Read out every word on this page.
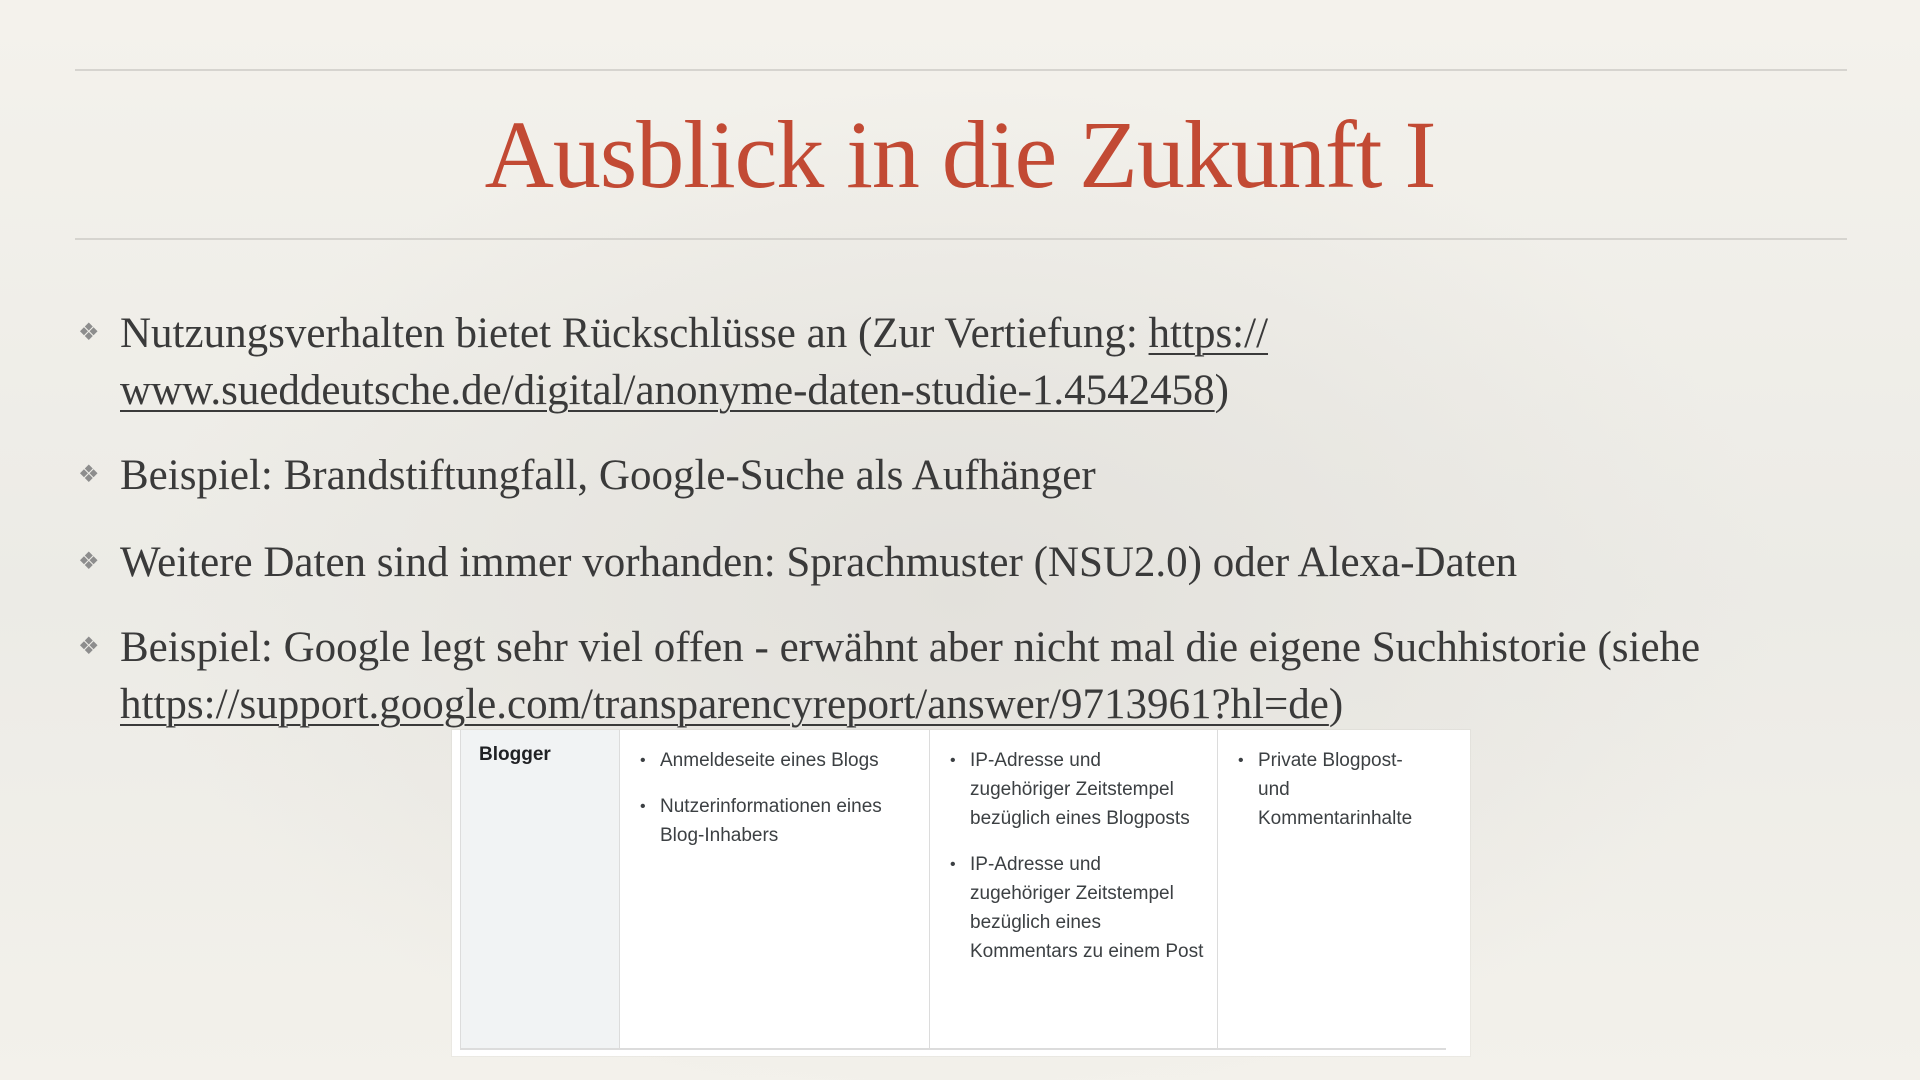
Ausblick in die Zukunft I
❖ Nutzungsverhalten bietet Rückschlüsse an (Zur Vertiefung: https://
www.sueddeutsche.de/digital/anonyme-daten-studie-1.4542458)
❖ Beispiel: Brandstiftungfall, Google-Suche als Aufhänger
❖ Weitere Daten sind immer vorhanden: Sprachmuster (NSU2.0) oder Alexa-Daten
❖ Beispiel: Google legt sehr viel offen - erwähnt aber nicht mal die eigene Suchhistorie (siehe
https://support.google.com/transparencyreport/answer/9713961?hl=de)
Blogger	• Anmeldeseite eines Blogs
• Nutzerinformationen eines Blog-Inhabers
• IP-Adresse und zugehöriger Zeitstempel bezüglich eines Blogposts
• IP-Adresse und zugehöriger Zeitstempel bezüglich eines Kommentars zu einem Post
• Private Blogpost- und Kommentarinhalte
